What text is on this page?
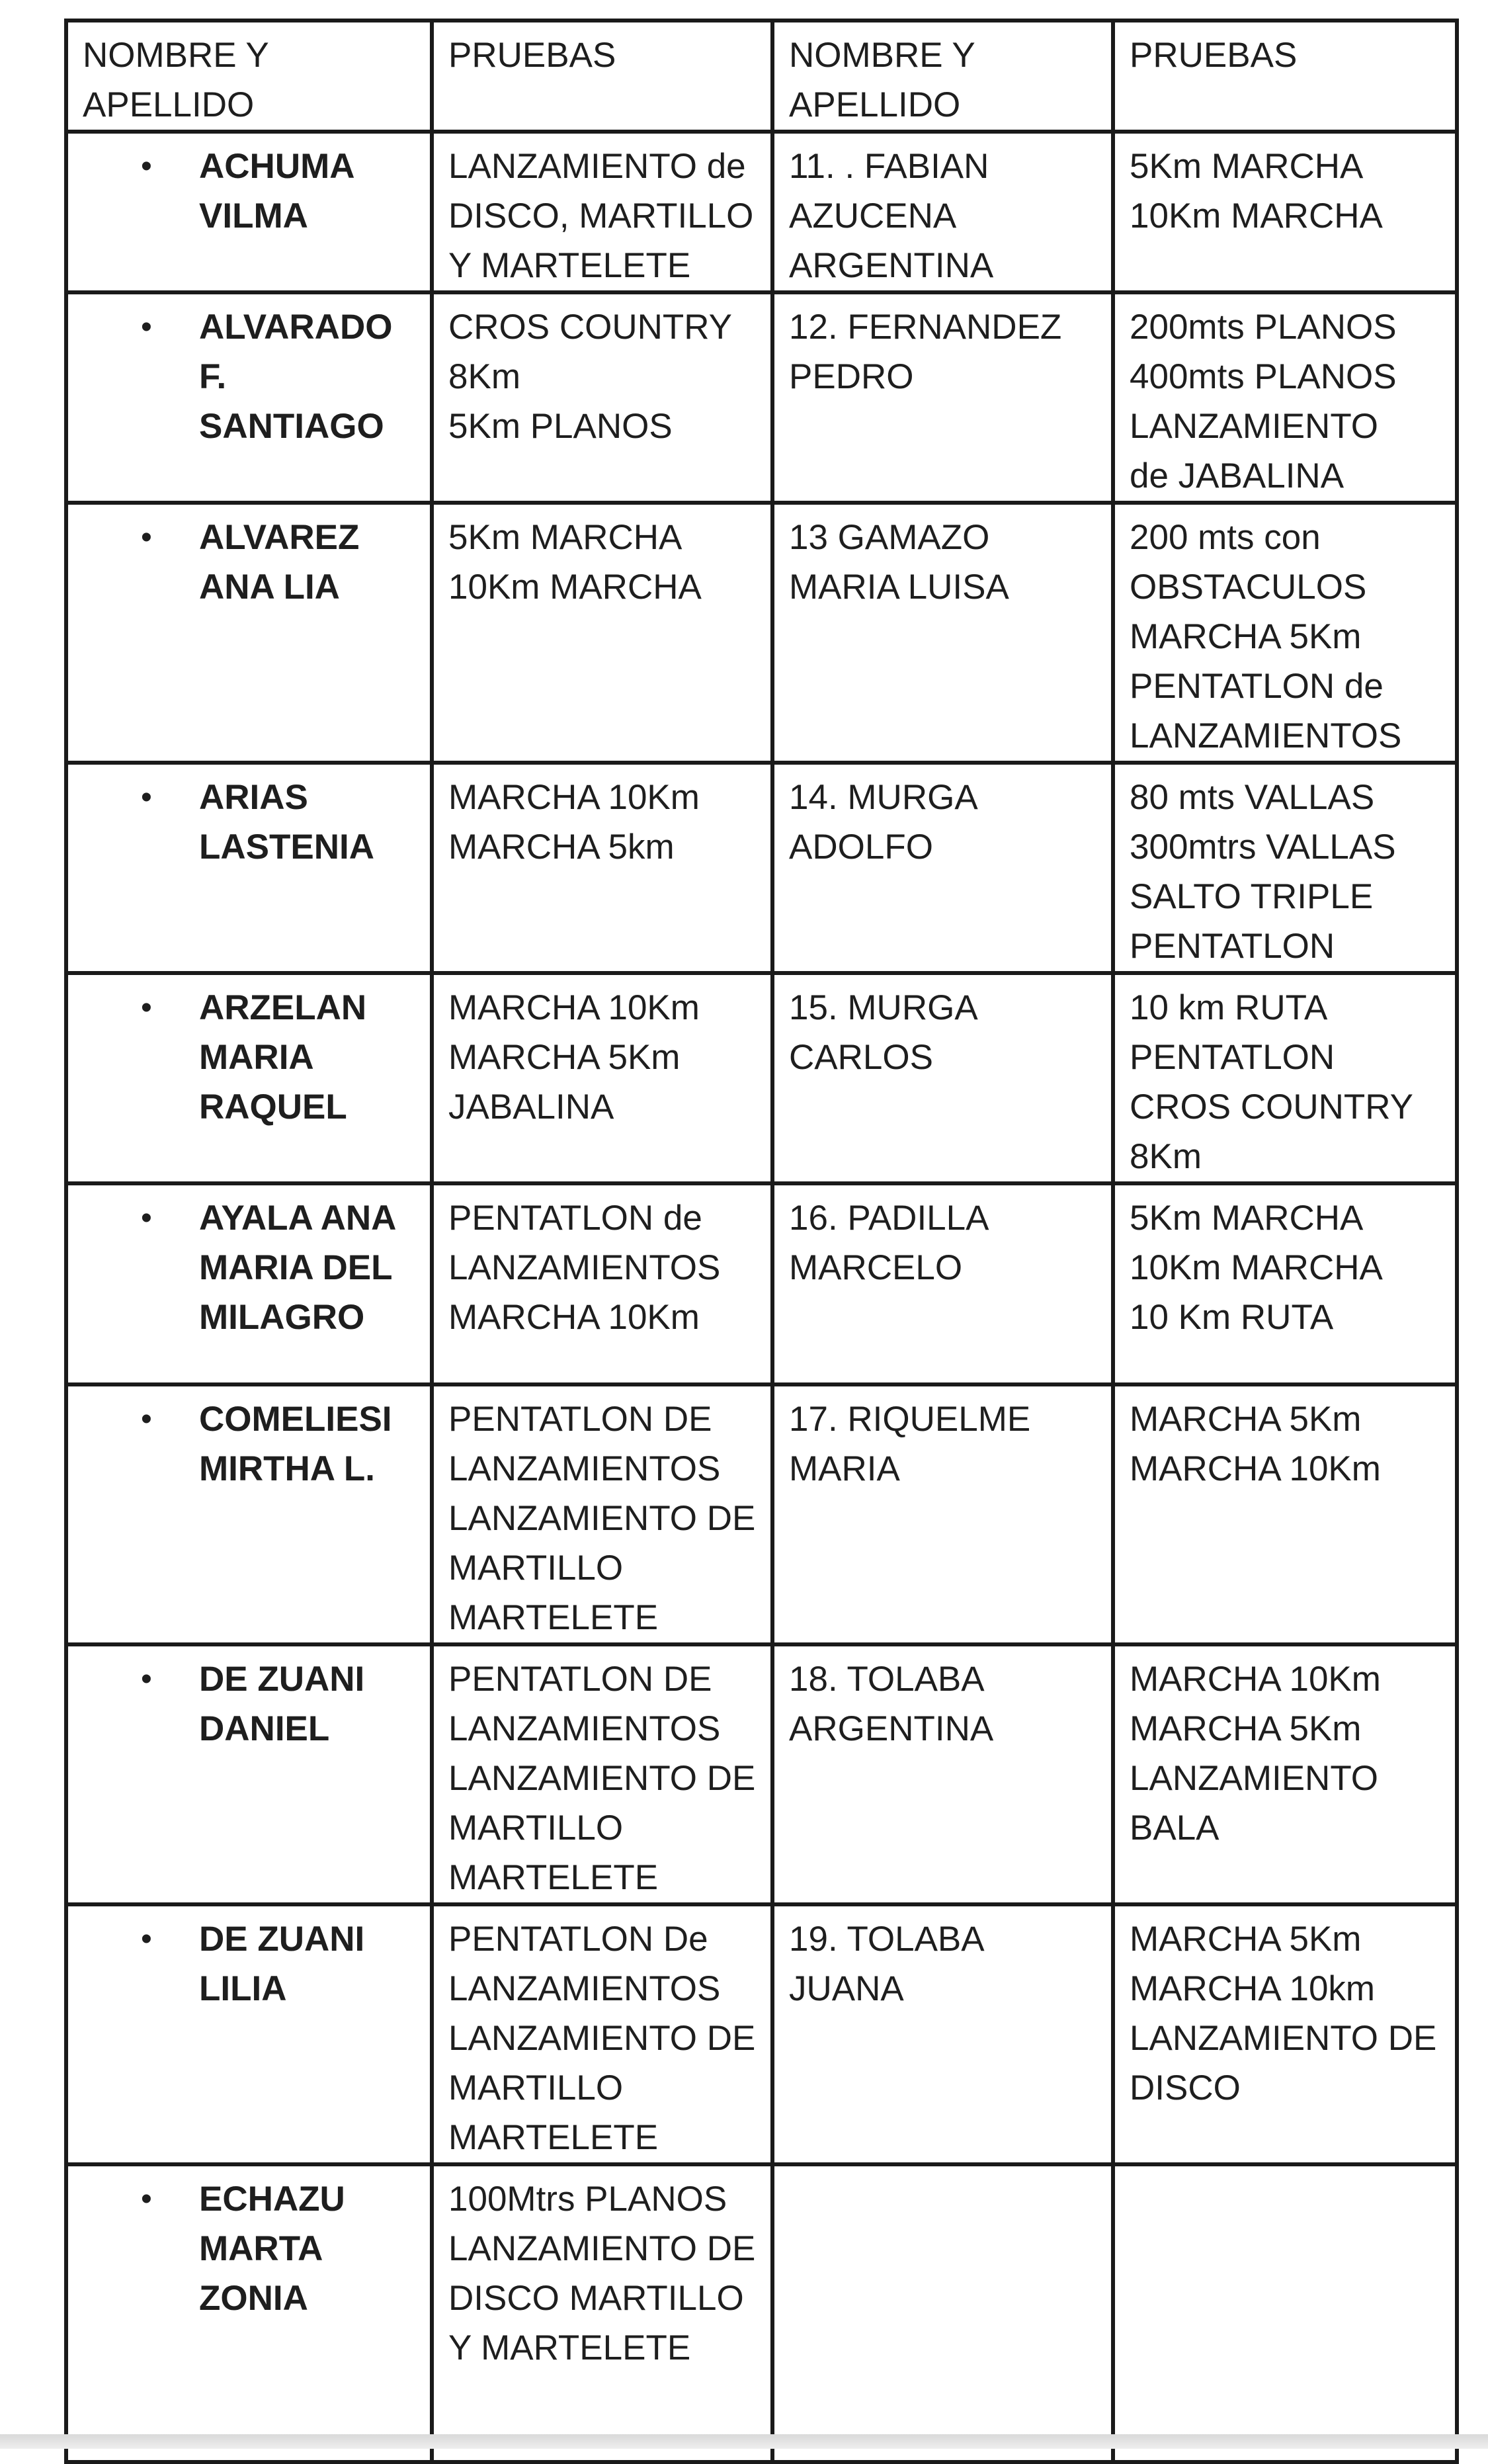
NOMBRE Y
APELLIDO	PRUEBAS	NOMBRE Y
APELLIDO	PRUEBAS

• ACHUMA
VILMA	LANZAMIENTO de
DISCO, MARTILLO
Y MARTELETE	11. . FABIAN
AZUCENA
ARGENTINA	5Km MARCHA
10Km MARCHA

• ALVARADO
F.
SANTIAGO	CROS COUNTRY
8Km
5Km PLANOS	12. FERNANDEZ
PEDRO	200mts PLANOS
400mts PLANOS
LANZAMIENTO
de JABALINA

• ALVAREZ
ANA LIA	5Km MARCHA
10Km MARCHA	13 GAMAZO
MARIA LUISA	200 mts con
OBSTACULOS
MARCHA 5Km
PENTATLON de
LANZAMIENTOS

• ARIAS
LASTENIA	MARCHA 10Km
MARCHA 5km	14. MURGA
ADOLFO	80 mts VALLAS
300mtrs VALLAS
SALTO TRIPLE
PENTATLON

• ARZELAN
MARIA
RAQUEL	MARCHA 10Km
MARCHA 5Km
JABALINA	15. MURGA
CARLOS	10 km RUTA
PENTATLON
CROS COUNTRY
8Km

• AYALA ANA
MARIA DEL
MILAGRO	PENTATLON de
LANZAMIENTOS
MARCHA 10Km	16. PADILLA
MARCELO	5Km MARCHA
10Km MARCHA
10 Km RUTA

• COMELIESI
MIRTHA L.	PENTATLON DE
LANZAMIENTOS
LANZAMIENTO DE
MARTILLO
MARTELETE	17. RIQUELME
MARIA	MARCHA 5Km
MARCHA 10Km

• DE ZUANI
DANIEL	PENTATLON DE
LANZAMIENTOS
LANZAMIENTO DE
MARTILLO
MARTELETE	18. TOLABA
ARGENTINA	MARCHA 10Km
MARCHA 5Km
LANZAMIENTO
BALA

• DE ZUANI
LILIA	PENTATLON De
LANZAMIENTOS
LANZAMIENTO DE
MARTILLO
MARTELETE	19. TOLABA
JUANA	MARCHA 5Km
MARCHA 10km
LANZAMIENTO DE
DISCO

• ECHAZU
MARTA
ZONIA	100Mtrs PLANOS
LANZAMIENTO DE
DISCO MARTILLO
Y MARTELETE		
